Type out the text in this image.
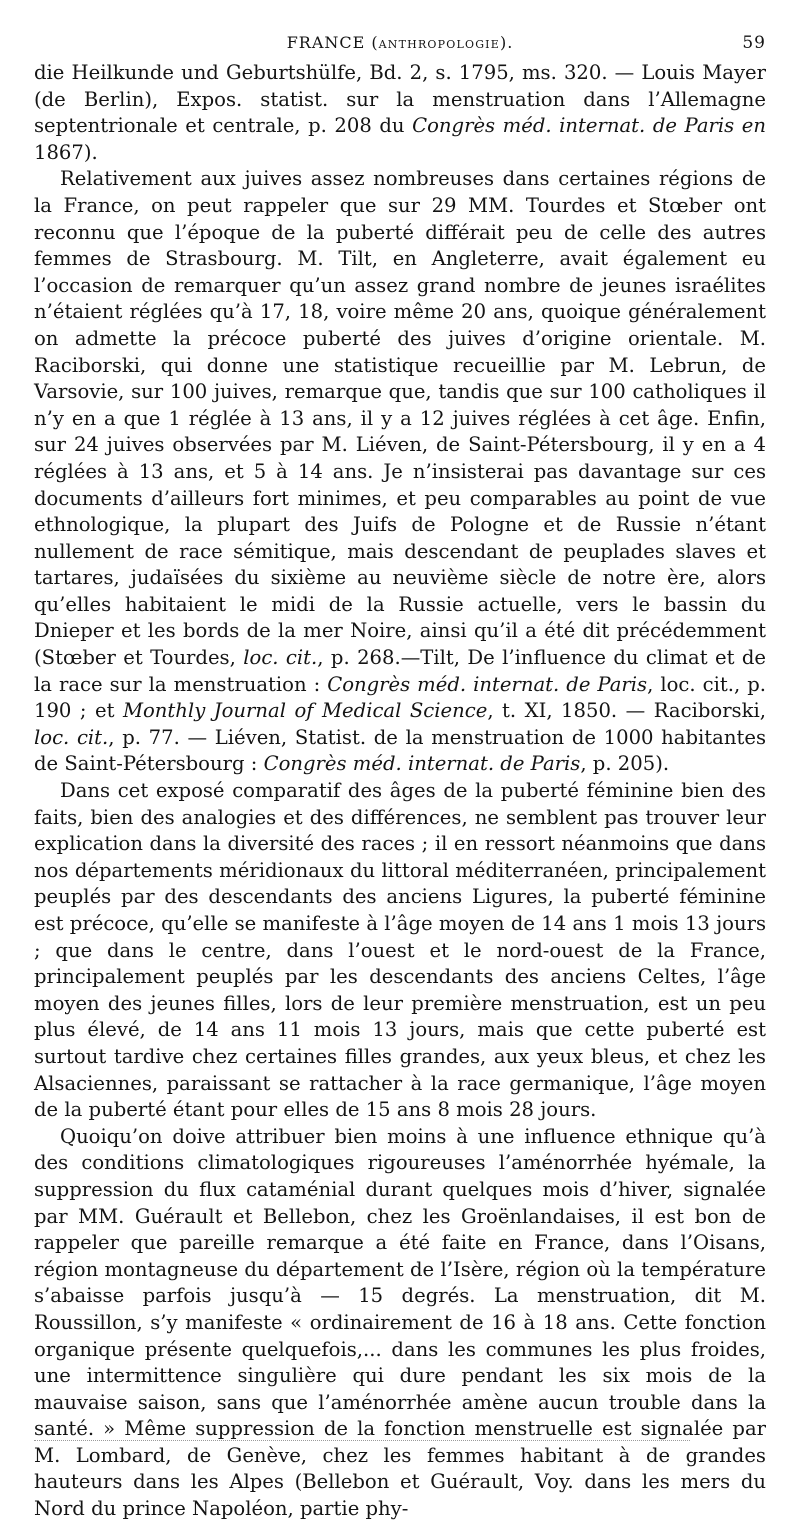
FRANCE (ANTHROPOLOGIE).	59

die Heilkunde und Geburtshülfe, Bd. 2, s. 1795, ms. 320. — Louis Mayer (de Berlin), Expos. statist. sur la menstruation dans l’Allemagne septentrionale et centrale, p. 208 du Congrès méd. internat. de Paris en 1867).

Relativement aux juives assez nombreuses dans certaines régions de la France, on peut rappeler que sur 29 MM. Tourdes et Stœber ont reconnu que l’époque de la puberté différait peu de celle des autres femmes de Strasbourg. M. Tilt, en Angleterre, avait également eu l’occasion de remarquer qu’un assez grand nombre de jeunes israélites n’étaient réglées qu’à 17, 18, voire même 20 ans, quoique généralement on admette la précoce puberté des juives d’origine orientale. M. Raciborski, qui donne une statistique recueillie par M. Lebrun, de Varsovie, sur 100 juives, remarque que, tandis que sur 100 catholiques il n’y en a que 1 réglée à 13 ans, il y a 12 juives réglées à cet âge. Enfin, sur 24 juives observées par M. Liéven, de Saint-Pétersbourg, il y en a 4 réglées à 13 ans, et 5 à 14 ans. Je n’insisterai pas davantage sur ces documents d’ailleurs fort minimes, et peu comparables au point de vue ethnologique, la plupart des Juifs de Pologne et de Russie n’étant nullement de race sémitique, mais descendant de peuplades slaves et tartares, judaïsées du sixième au neuvième siècle de notre ère, alors qu’elles habitaient le midi de la Russie actuelle, vers le bassin du Dnieper et les bords de la mer Noire, ainsi qu’il a été dit précédemment (Stœber et Tourdes, loc. cit., p. 268.—Tilt, De l’influence du climat et de la race sur la menstruation : Congrès méd. internat. de Paris, loc. cit., p. 190 ; et Monthly Journal of Medical Science, t. XI, 1850. — Raciborski, loc. cit., p. 77. — Liéven, Statist. de la menstruation de 1000 habitantes de Saint-Pétersbourg : Congrès méd. internat. de Paris, p. 205).

Dans cet exposé comparatif des âges de la puberté féminine bien des faits, bien des analogies et des différences, ne semblent pas trouver leur explication dans la diversité des races ; il en ressort néanmoins que dans nos départements méridionaux du littoral méditerranéen, principalement peuplés par des descendants des anciens Ligures, la puberté féminine est précoce, qu’elle se manifeste à l’âge moyen de 14 ans 1 mois 13 jours ; que dans le centre, dans l’ouest et le nord-ouest de la France, principalement peuplés par les descendants des anciens Celtes, l’âge moyen des jeunes filles, lors de leur première menstruation, est un peu plus élevé, de 14 ans 11 mois 13 jours, mais que cette puberté est surtout tardive chez certaines filles grandes, aux yeux bleus, et chez les Alsaciennes, paraissant se rattacher à la race germanique, l’âge moyen de la puberté étant pour elles de 15 ans 8 mois 28 jours.

Quoiqu’on doive attribuer bien moins à une influence ethnique qu’à des conditions climatologiques rigoureuses l’aménorrhée hyémale, la suppression du flux cataménial durant quelques mois d’hiver, signalée par MM. Guérault et Bellebon, chez les Groënlandaises, il est bon de rappeler que pareille remarque a été faite en France, dans l’Oisans, région montagneuse du département de l’Isère, région où la température s’abaisse parfois jusqu’à — 15 degrés. La menstruation, dit M. Roussillon, s’y manifeste « ordinairement de 16 à 18 ans. Cette fonction organique présente quelquefois,... dans les communes les plus froides, une intermittence singulière qui dure pendant les six mois de la mauvaise saison, sans que l’aménorrhée amène aucun trouble dans la santé. » Même suppression de la fonction menstruelle est signalée par M. Lombard, de Genève, chez les femmes habitant à de grandes hauteurs dans les Alpes (Bellebon et Guérault, Voy. dans les mers du Nord du prince Napoléon, partie phy-
